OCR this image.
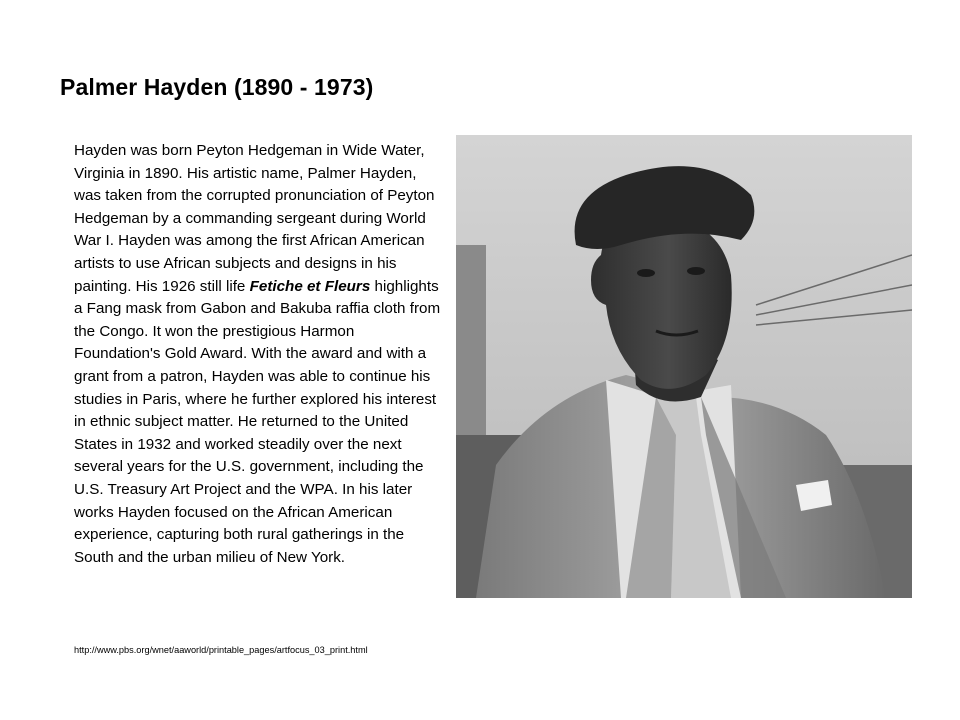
Palmer Hayden (1890 - 1973)

Hayden was born Peyton Hedgeman in Wide Water, Virginia in 1890. His artistic name, Palmer Hayden, was taken from the corrupted pronunciation of Peyton Hedgeman by a commanding sergeant during World War I. Hayden was among the first African American artists to use African subjects and designs in his painting. His 1926 still life Fetiche et Fleurs highlights a Fang mask from Gabon and Bakuba raffia cloth from the Congo. It won the prestigious Harmon Foundation's Gold Award. With the award and with a grant from a patron, Hayden was able to continue his studies in Paris, where he further explored his interest in ethnic subject matter. He returned to the United States in 1932 and worked steadily over the next several years for the U.S. government, including the U.S. Treasury Art Project and the WPA. In his later works Hayden focused on the African American experience, capturing both rural gatherings in the South and the urban milieu of New York.

http://www.pbs.org/wnet/aaworld/printable_pages/artfocus_03_print.html
